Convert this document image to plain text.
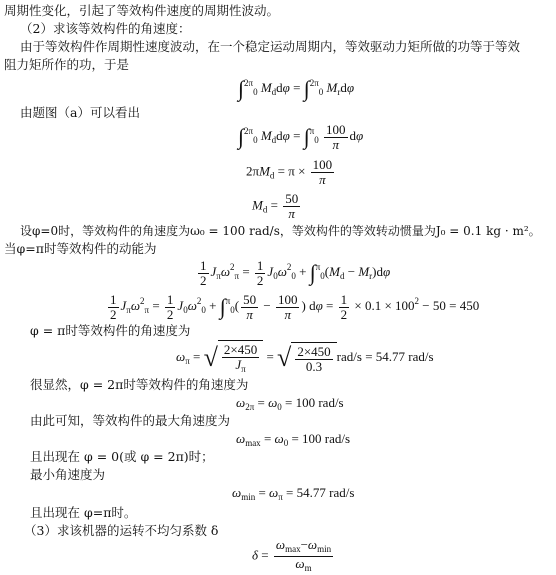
周期性变化，引起了等效构件速度的周期性波动。
（2）求该等效构件的角速度：
由于等效构件作周期性速度波动，在一个稳定运动周期内，等效驱动力矩所做的功等于等效
阻力矩所作的功，于是
∫$^{2\pi}_0$ $M_dd\varphi = \int^{2\pi}_0$ $M_rd\varphi$
由题图（a）可以看出
∫$^{2\pi}_0$ $M_dd\varphi = \int^\pi_0 \frac{100}{\pi}$ dφ
$2\pi M_d = \pi \times \frac{100}{\pi}$
$M_d = \frac{50}{\pi}$
设φ=0时，等效构件的角速度为ω₀ = 100 rad/s，等效构件的等效转动惯量为J₀ = 0.1 kg · m²。
当φ=π时等效构件的动能为
$\frac{1}{2} J_\pi\omega^2_\pi = \frac{1}{2} J_0\omega^2_0 + \int^\pi_0(M_d - M_r)d\varphi$
$\frac{1}{2} J_\pi\omega^2_\pi = \frac{1}{2} J_0\omega^2_0 + \int^\pi_0( \frac{50}{\pi} - \frac{100}{\pi}$ ) $d\varphi = \frac{1}{2} \times 0.1 \times 100^2 - 50 = 450$
φ = π时等效构件的角速度为
$\omega_\pi$ = √ $\frac{2\times 450}{J_\pi}$ = √ $\frac{2\times 450}{0.3} rad/s = 54.77$ rad/s
很显然，φ = 2π时等效构件的角速度为
$\omega_{2\pi} = \omega_0 = 100$ rad/s
由此可知，等效构件的最大角速度为
$\omega_{max} = \omega_0 = 100$ rad/s
且出现在 φ = 0(或 φ = 2π)时；
最小角速度为
$\omega_{min} = \omega_\pi = 54.77$ rad/s
且出现在 φ=π时。
（3）求该机器的运转不均匀系数 δ
$\delta = \frac{\omega_{max}-\omega_{min}}{\omega_m}$
